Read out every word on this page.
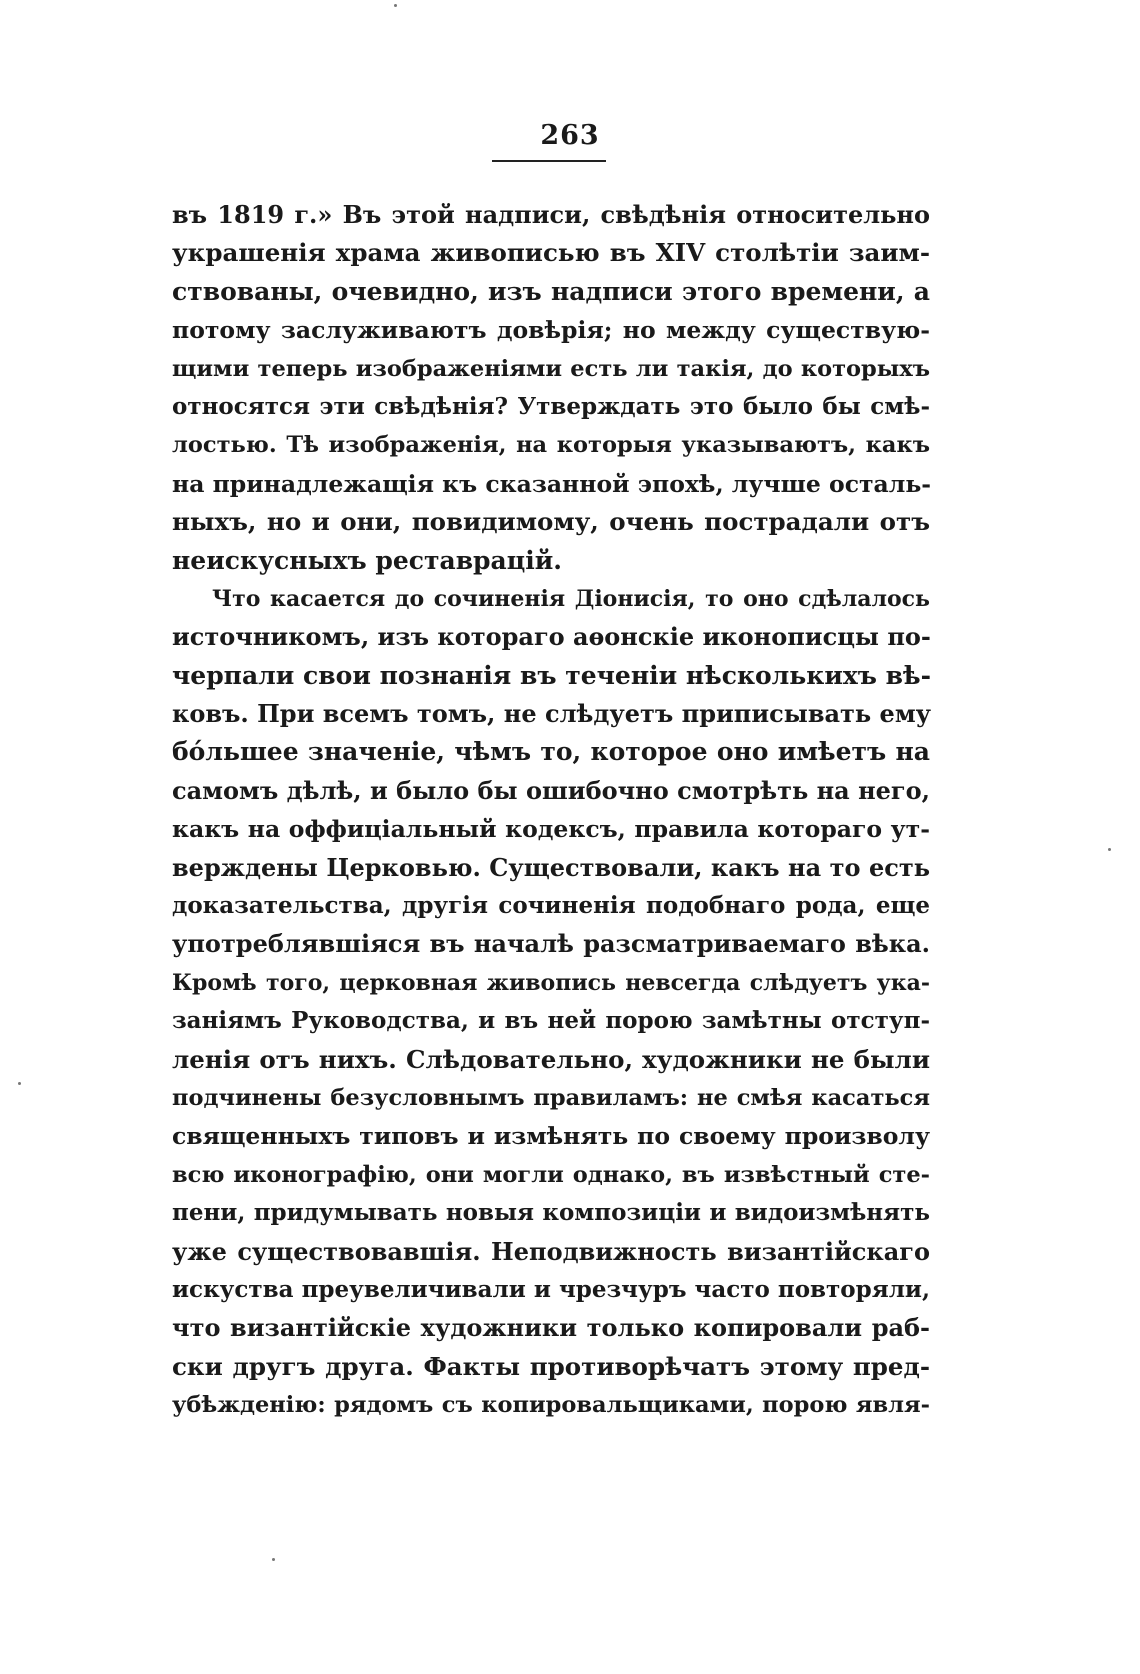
263
въ 1819 г.» Въ этой надписи, свѣдѣнія относительно
украшенія храма живописью въ XIV столѣтіи заим-
ствованы, очевидно, изъ надписи этого времени, а
потому заслуживаютъ довѣрія; но между существую-
щими теперь изображеніями есть ли такія, до которыхъ
относятся эти свѣдѣнія? Утверждать это было бы смѣ-
лостью. Тѣ изображенія, на которыя указываютъ, какъ
на принадлежащія къ сказанной эпохѣ, лучше осталь-
ныхъ, но и они, повидимому, очень пострадали отъ
неискусныхъ реставрацій.
Что касается до сочиненія Діонисія, то оно сдѣлалось
источникомъ, изъ котораго аѳонскіе иконописцы по-
черпали свои познанія въ теченіи нѣсколькихъ вѣ-
ковъ. При всемъ томъ, не слѣдуетъ приписывать ему
бо́льшее значеніе, чѣмъ то, которое оно имѣетъ на
самомъ дѣлѣ, и было бы ошибочно смотрѣть на него,
какъ на оффиціальный кодексъ, правила котораго ут-
верждены Церковью. Существовали, какъ на то есть
доказательства, другія сочиненія подобнаго рода, еще
употреблявшіяся въ началѣ разсматриваемаго вѣка.
Кромѣ того, церковная живопись невсегда слѣдуетъ ука-
заніямъ Руководства, и въ ней порою замѣтны отступ-
ленія отъ нихъ. Слѣдовательно, художники не были
подчинены безусловнымъ правиламъ: не смѣя касаться
священныхъ типовъ и измѣнять по своему произволу
всю иконографію, они могли однако, въ извѣстный сте-
пени, придумывать новыя композиціи и видоизмѣнять
уже существовавшія. Неподвижность византійскаго
искуства преувеличивали и чрезчуръ часто повторяли,
что византійскіе художники только копировали раб-
ски другъ друга. Факты противорѣчатъ этому пред-
убѣжденію: рядомъ съ копировальщиками, порою явля-
